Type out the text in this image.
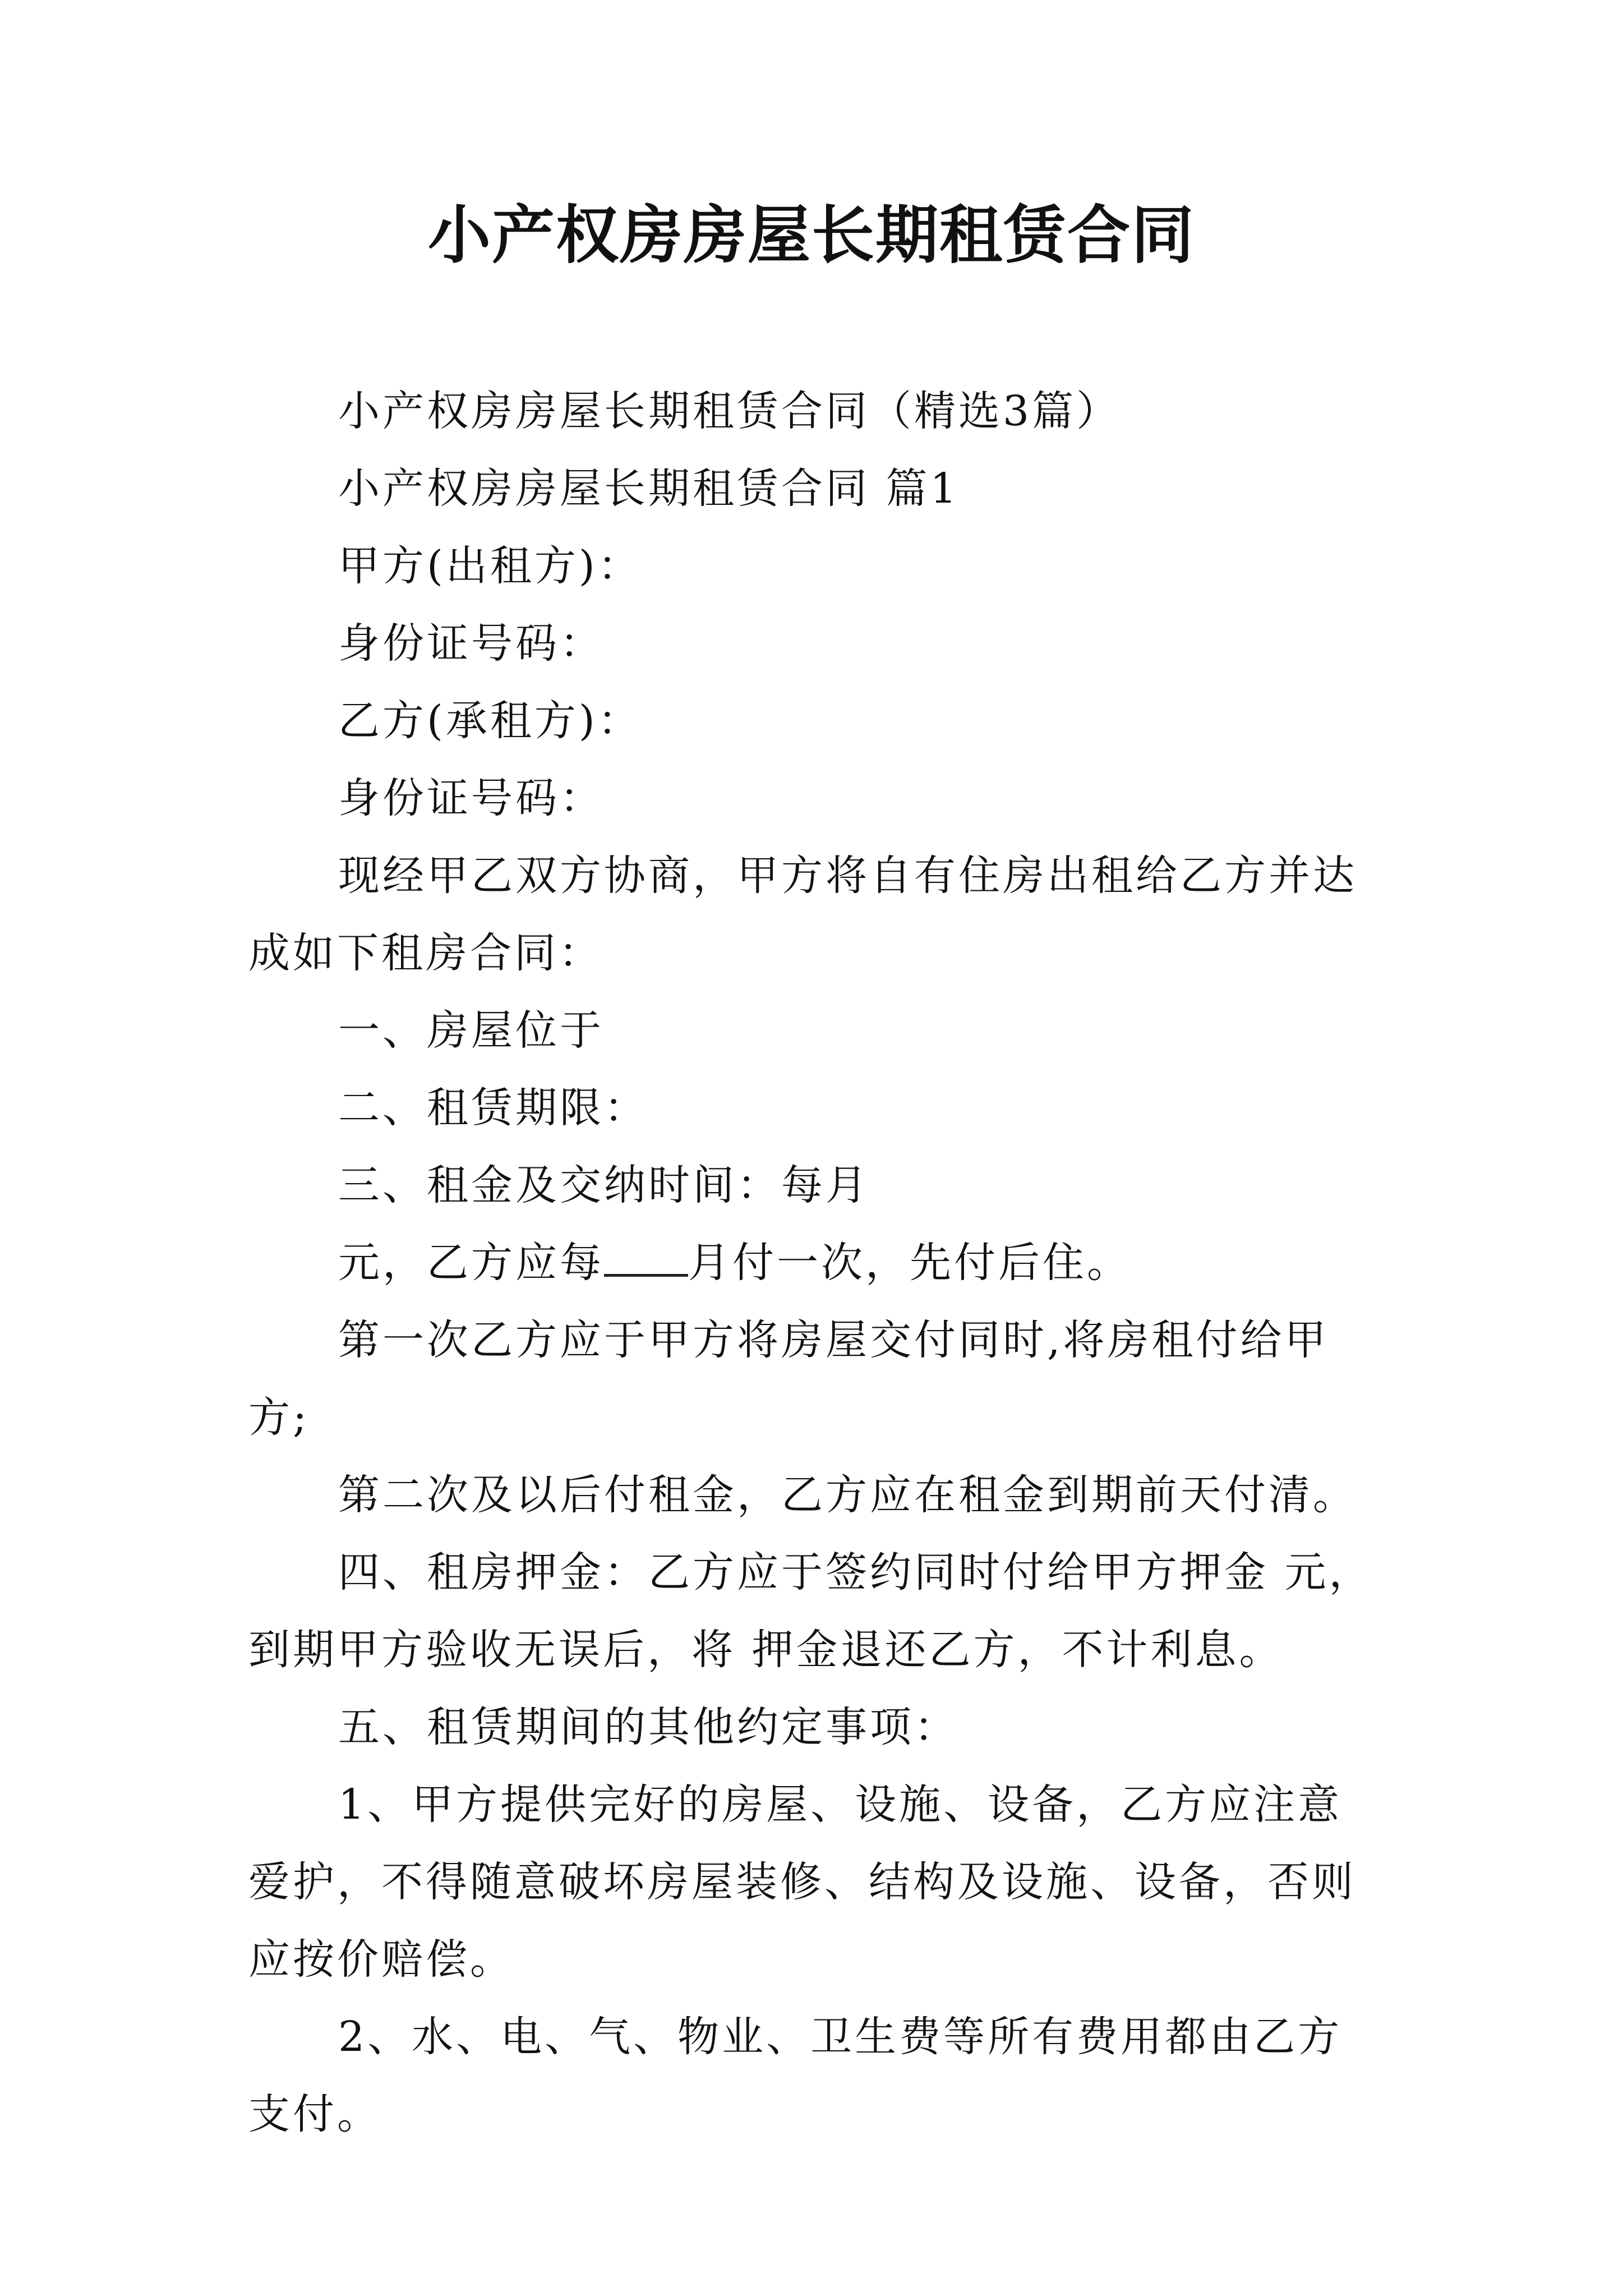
小产权房房屋长期租赁合同

小产权房房屋长期租赁合同（精选3篇）

小产权房房屋长期租赁合同 篇1

甲方(出租方)：

身份证号码：

乙方(承租方)：

身份证号码：

现经甲乙双方协商，甲方将自有住房出租给乙方并达成如下租房合同：

一、房屋位于

二、租赁期限：

三、租金及交纳时间：每月

元，乙方应每 月付一次，先付后住。

第一次乙方应于甲方将房屋交付同时,将房租付给甲方;

第二次及以后付租金，乙方应在租金到期前天付清。

四、租房押金：乙方应于签约同时付给甲方押金 元，到期甲方验收无误后，将 押金退还乙方，不计利息。

五、租赁期间的其他约定事项：

1、甲方提供完好的房屋、设施、设备，乙方应注意爱护，不得随意破坏房屋装修、结构及设施、设备，否则应按价赔偿。

2、水、电、气、物业、卫生费等所有费用都由乙方支付。
